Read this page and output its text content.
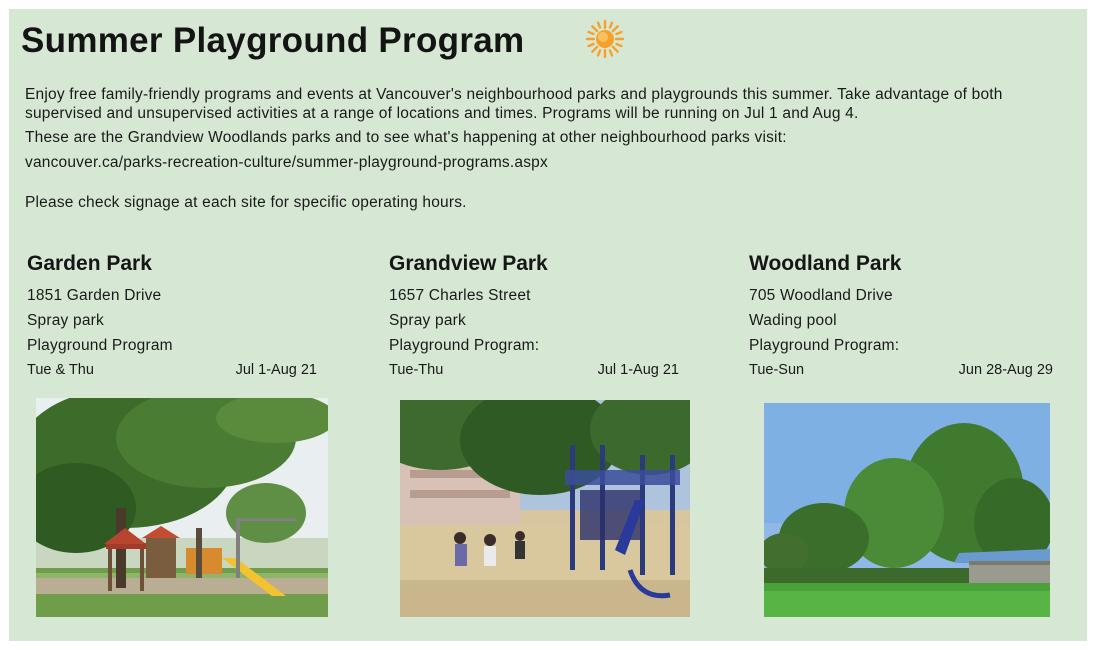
Summer Playground Program

Enjoy free family-friendly programs and events at Vancouver's neighbourhood parks and playgrounds this summer. Take advantage of both supervised and unsupervised activities at a range of locations and times. Programs will be running on Jul 1 and Aug 4.

These are the Grandview Woodlands parks and to see what's happening at other neighbourhood parks visit:

vancouver.ca/parks-recreation-culture/summer-playground-programs.aspx

Please check signage at each site for specific operating hours.

Garden Park
1851 Garden Drive
Spray park
Playground Program
Tue & Thu	Jul 1-Aug 21
Grandview Park
1657 Charles Street
Spray park
Playground Program:
Tue-Thu	Jul 1-Aug 21
Woodland Park
705 Woodland Drive
Wading pool
Playground Program:
Tue-Sun	Jun 28-Aug 29
